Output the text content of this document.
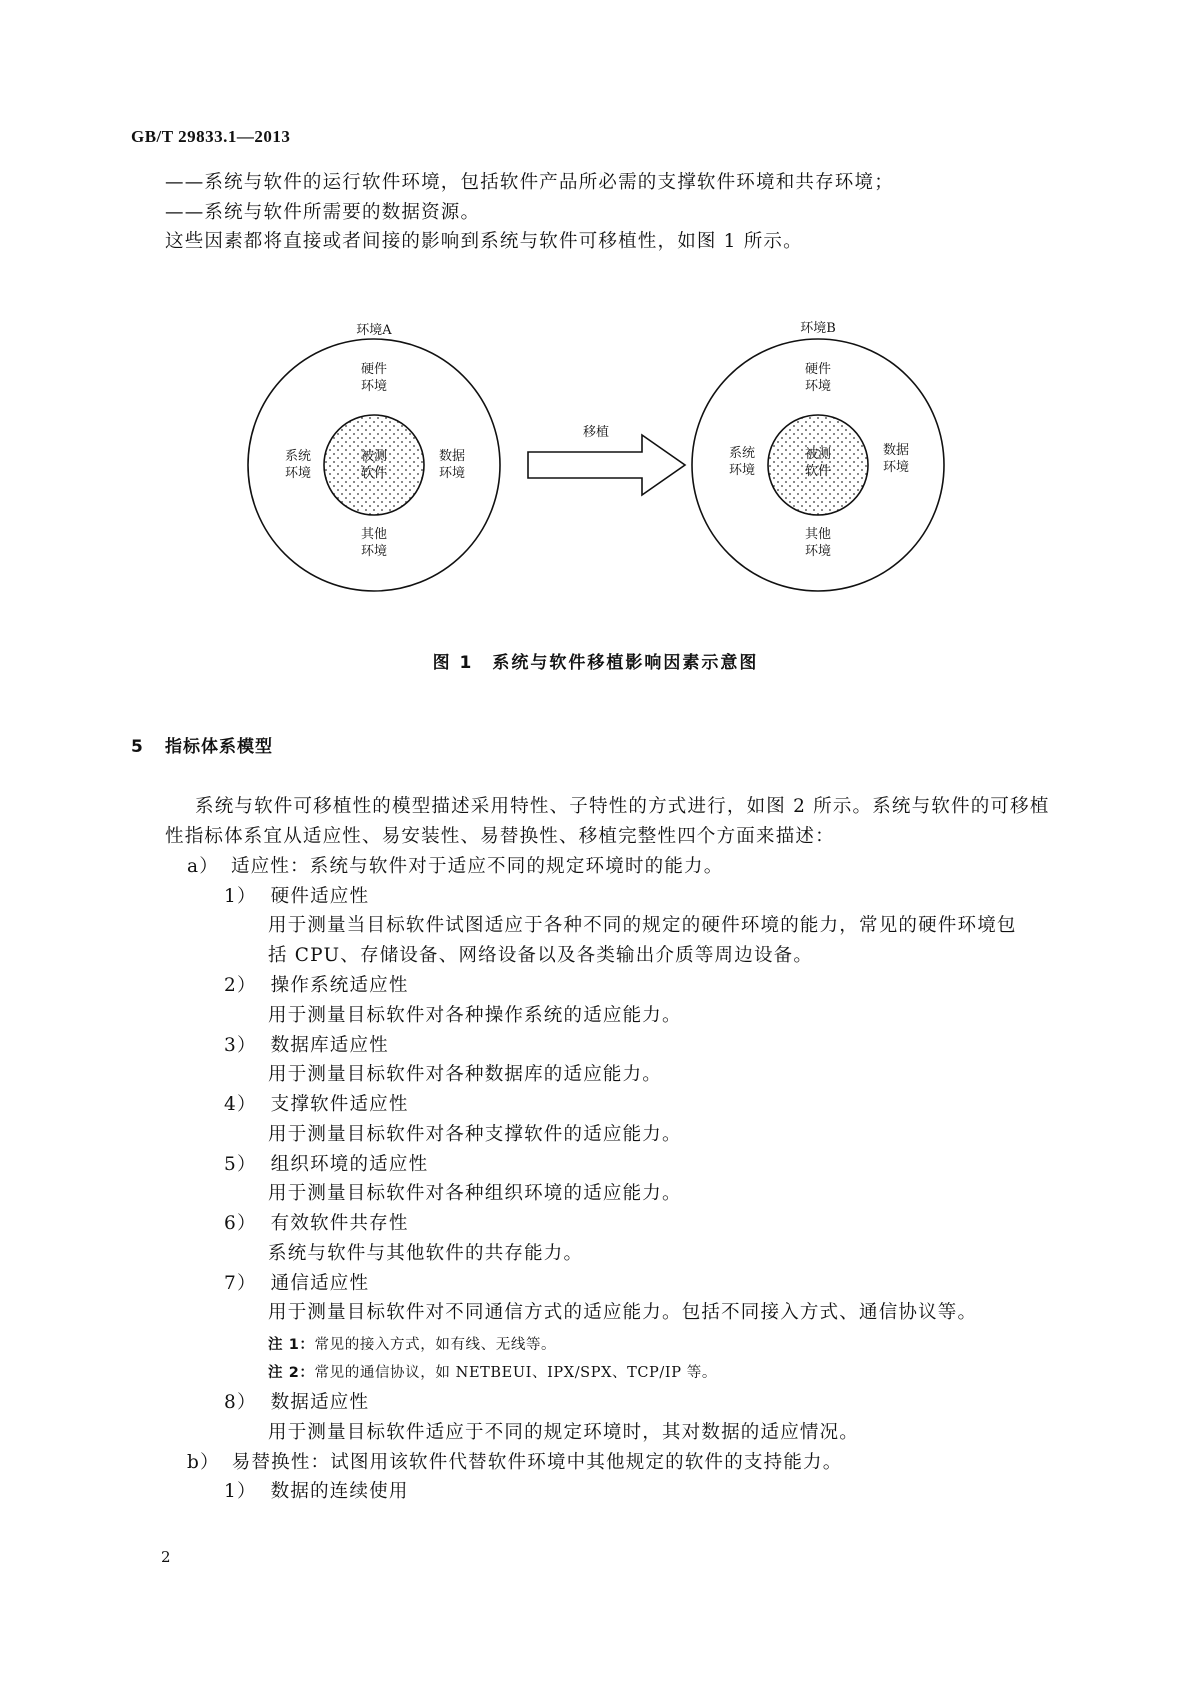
GB/T 29833.1—2013
——系统与软件的运行软件环境，包括软件产品所必需的支撑软件环境和共存环境；
——系统与软件所需要的数据资源。
这些因素都将直接或者间接的影响到系统与软件可移植性，如图 1 所示。
环境A
硬件
环境
系统
环境
数据
环境
被测
软件
其他
环境
移植
环境B
硬件
环境
系统
环境
数据
环境
被测
软件
其他
环境
图 1　系统与软件移植影响因素示意图
5 指标体系模型
系统与软件可移植性的模型描述采用特性、子特性的方式进行，如图 2 所示。系统与软件的可移植
性指标体系宜从适应性、易安装性、易替换性、移植完整性四个方面来描述：
a） 适应性：系统与软件对于适应不同的规定环境时的能力。
1） 硬件适应性
用于测量当目标软件试图适应于各种不同的规定的硬件环境的能力，常见的硬件环境包
括 CPU、存储设备、网络设备以及各类输出介质等周边设备。
2） 操作系统适应性
用于测量目标软件对各种操作系统的适应能力。
3） 数据库适应性
用于测量目标软件对各种数据库的适应能力。
4） 支撑软件适应性
用于测量目标软件对各种支撑软件的适应能力。
5） 组织环境的适应性
用于测量目标软件对各种组织环境的适应能力。
6） 有效软件共存性
系统与软件与其他软件的共存能力。
7） 通信适应性
用于测量目标软件对不同通信方式的适应能力。包括不同接入方式、通信协议等。
注 1：常见的接入方式，如有线、无线等。
注 2：常见的通信协议，如 NETBEUI、IPX/SPX、TCP/IP 等。
8） 数据适应性
用于测量目标软件适应于不同的规定环境时，其对数据的适应情况。
b） 易替换性：试图用该软件代替软件环境中其他规定的软件的支持能力。
1） 数据的连续使用
2
